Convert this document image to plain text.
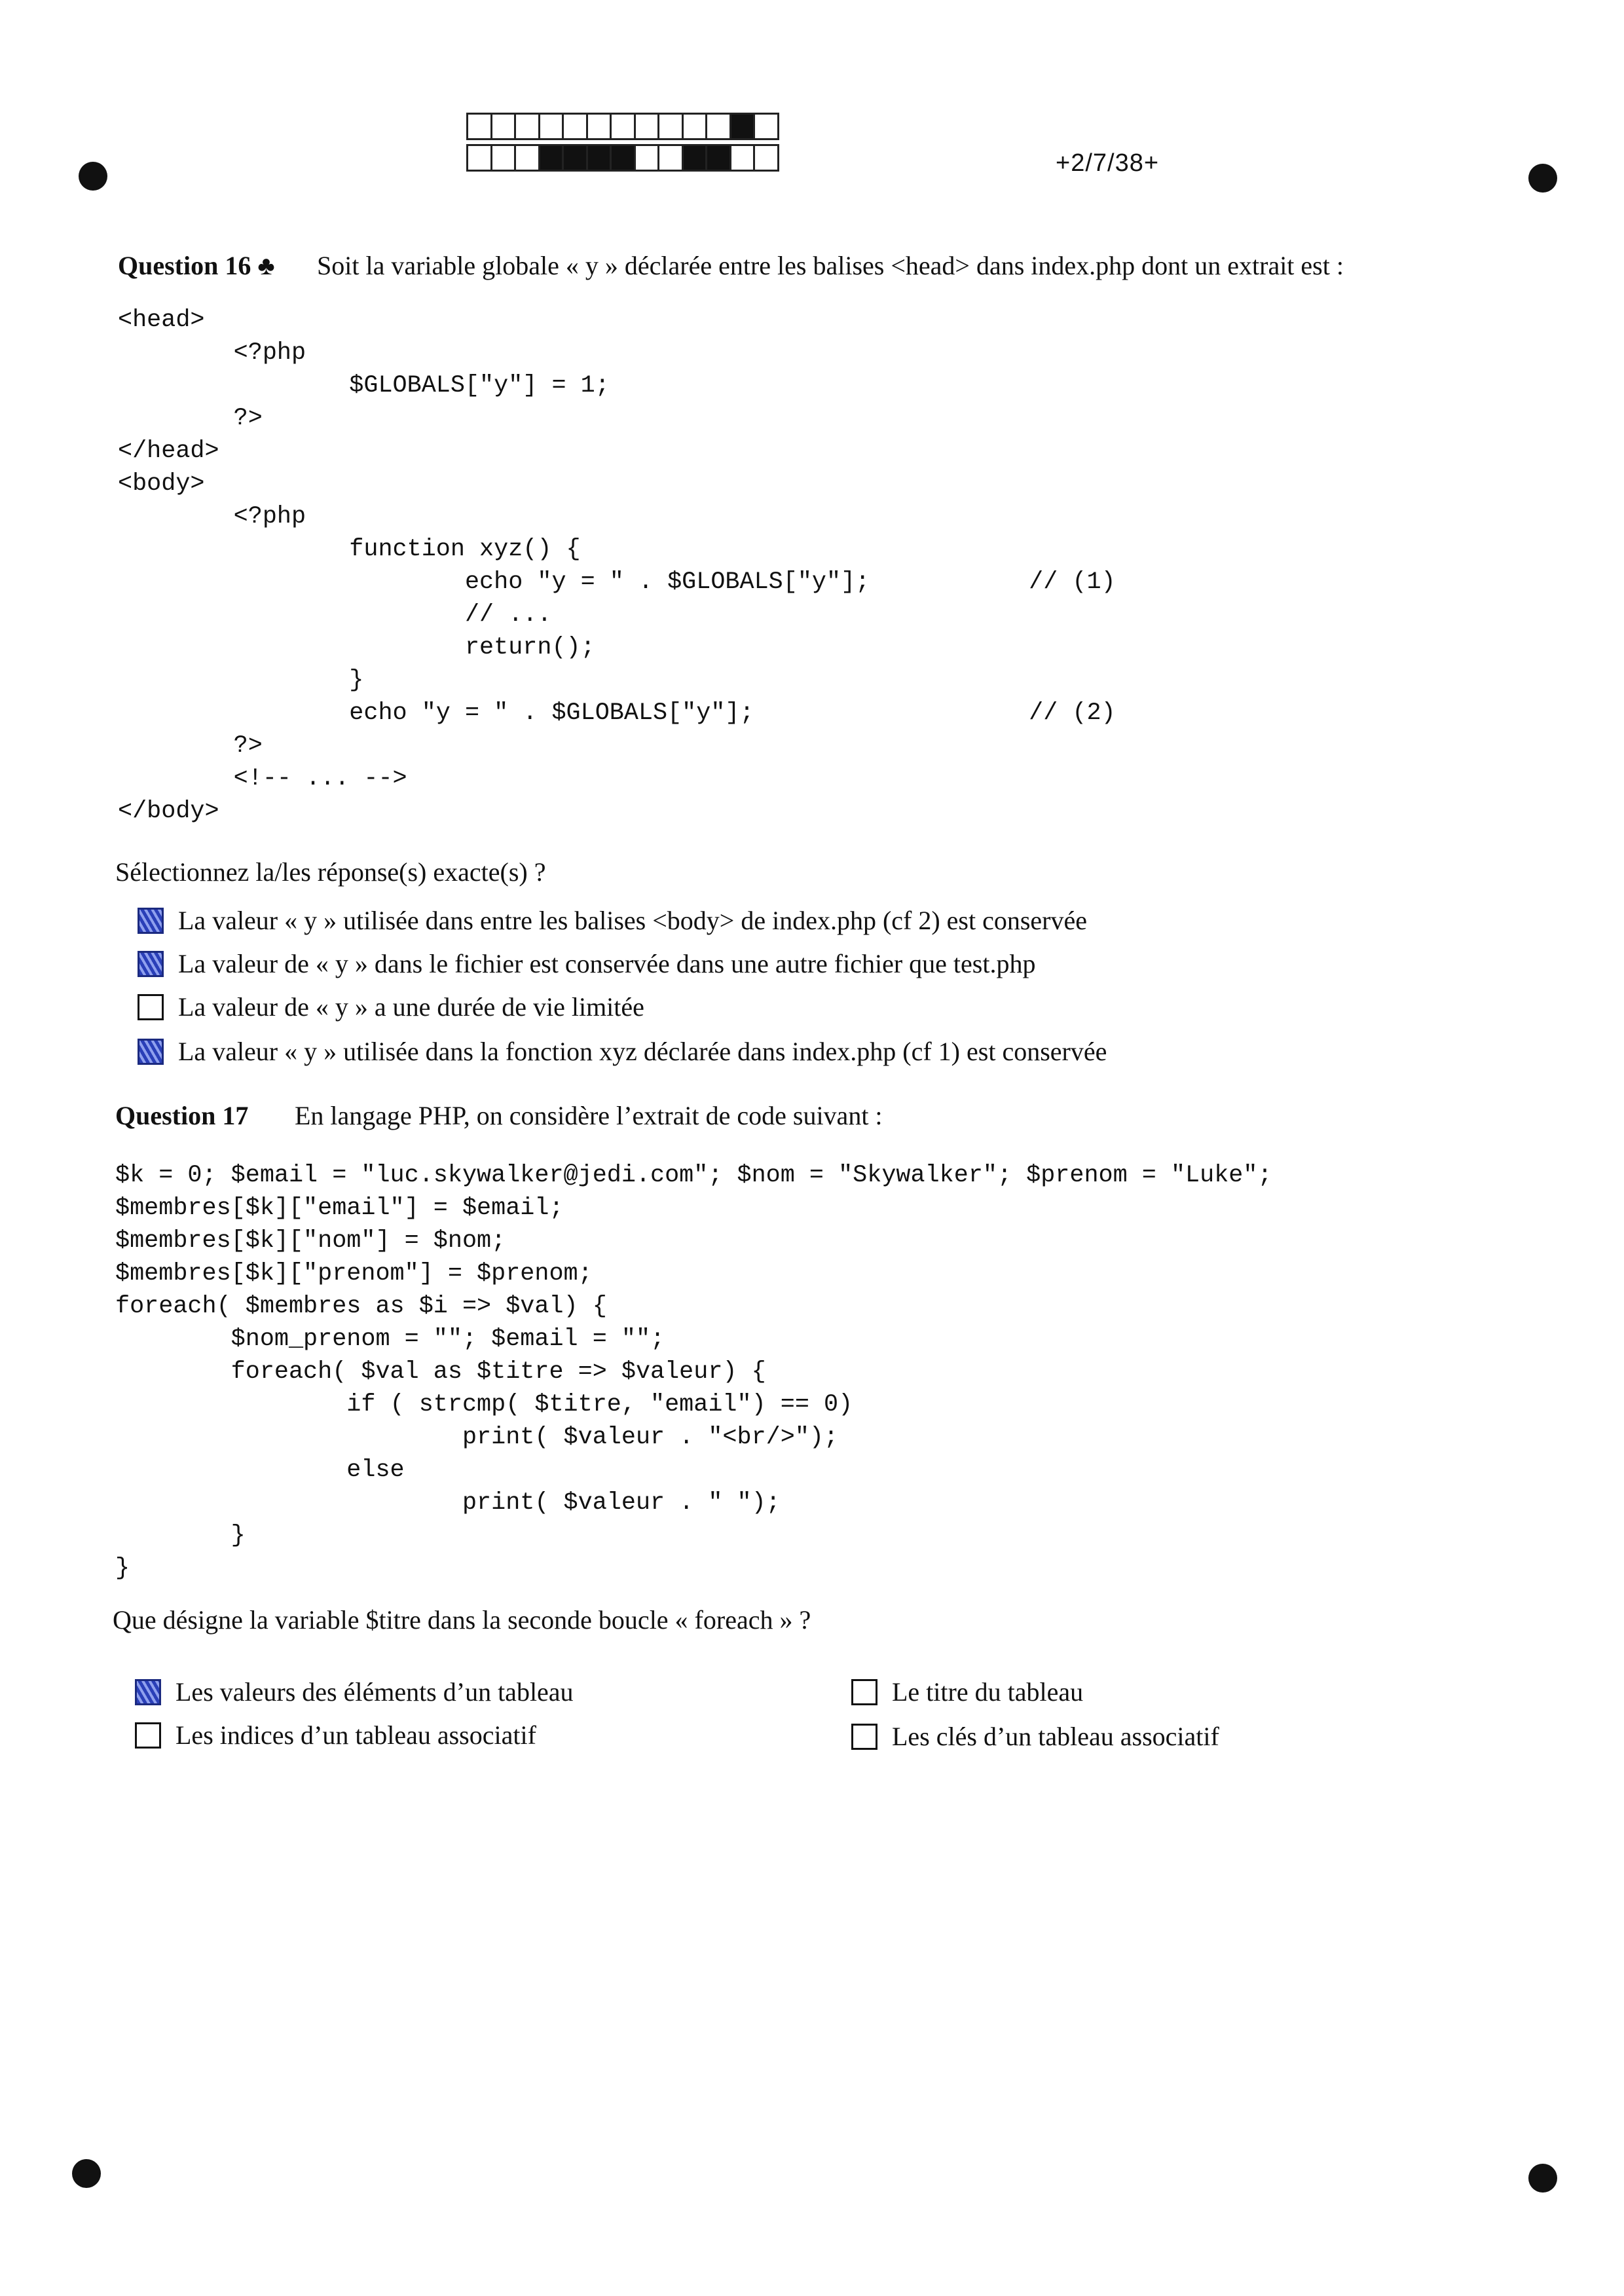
+2/7/38+
Question 16 ♣ Soit la variable globale « y » déclarée entre les balises <head> dans index.php dont un extrait est :
<head>
<?php
$GLOBALS["y"] = 1;
?>
</head>
<body>
<?php
function xyz() {
echo "y = " . $GLOBALS["y"];           // (1)
// ...
return();
}
echo "y = " . $GLOBALS["y"];                   // (2)
?>
<!-- ... -->
</body>
Sélectionnez la/les réponse(s) exacte(s) ?
La valeur « y » utilisée dans entre les balises <body> de index.php (cf 2) est conservée
La valeur de « y » dans le fichier est conservée dans une autre fichier que test.php
La valeur de « y » a une durée de vie limitée
La valeur « y » utilisée dans la fonction xyz déclarée dans index.php (cf 1) est conservée
Question 17 En langage PHP, on considère l’extrait de code suivant :
$k = 0; $email = "luc.skywalker@jedi.com"; $nom = "Skywalker"; $prenom = "Luke";
$membres[$k]["email"] = $email;
$membres[$k]["nom"] = $nom;
$membres[$k]["prenom"] = $prenom;
foreach( $membres as $i => $val) {
$nom_prenom = ""; $email = "";
foreach( $val as $titre => $valeur) {
if ( strcmp( $titre, "email") == 0)
print( $valeur . "<br/>");
else
print( $valeur . " ");
}
}
Que désigne la variable $titre dans la seconde boucle « foreach » ?
Les valeurs des éléments d’un tableau	Le titre du tableau
Les indices d’un tableau associatif	Les clés d’un tableau associatif
